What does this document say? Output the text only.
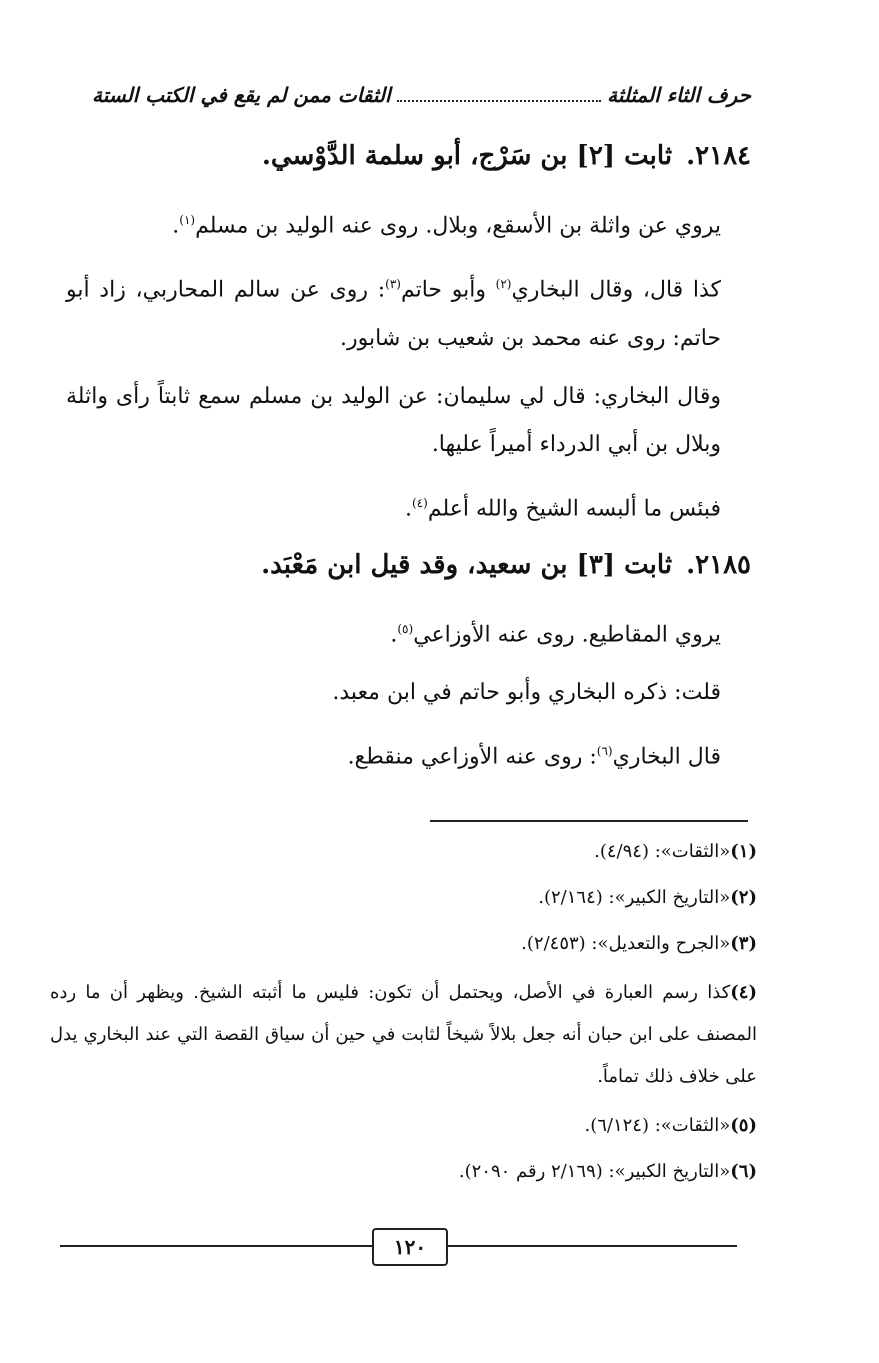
حرف الثاء المثلثة
الثقات ممن لم يقع في الكتب الستة
٢١٨٤.ثابت [٢] بن سَرْج، أبو سلمة الدَّوْسي.

يروي عن واثلة بن الأسقع، وبلال. روى عنه الوليد بن مسلم$^{(١)}$.

كذا قال، وقال البخاري$^{(٢)}$ وأبو حاتم$^{(٣)}$: روى عن سالم المحاربي، زاد أبو حاتم: روى عنه محمد بن شعيب بن شابور.

وقال البخاري: قال لي سليمان: عن الوليد بن مسلم سمع ثابتاً رأى واثلة وبلال بن أبي الدرداء أميراً عليها.

فبئس ما ألبسه الشيخ والله أعلم$^{(٤)}$.

٢١٨٥.ثابت [٣] بن سعيد، وقد قيل ابن مَعْبَد.

يروي المقاطيع. روى عنه الأوزاعي$^{(٥)}$.

قلت: ذكره البخاري وأبو حاتم في ابن معبد.

قال البخاري$^{(٦)}$: روى عنه الأوزاعي منقطع.

(١)«الثقات»: (٤/٩٤).

(٢)«التاريخ الكبير»: (٢/١٦٤).

(٣)«الجرح والتعديل»: (٢/٤٥٣).

(٤)كذا رسم العبارة في الأصل، ويحتمل أن تكون: فليس ما أثبته الشيخ. ويظهر أن ما رده المصنف على ابن حبان أنه جعل بلالاً شيخاً لثابت في حين أن سياق القصة التي عند البخاري يدل على خلاف ذلك تماماً.

(٥)«الثقات»: (٦/١٢٤).

(٦)«التاريخ الكبير»: (٢/١٦٩ رقم ٢٠٩٠).

١٢٠
